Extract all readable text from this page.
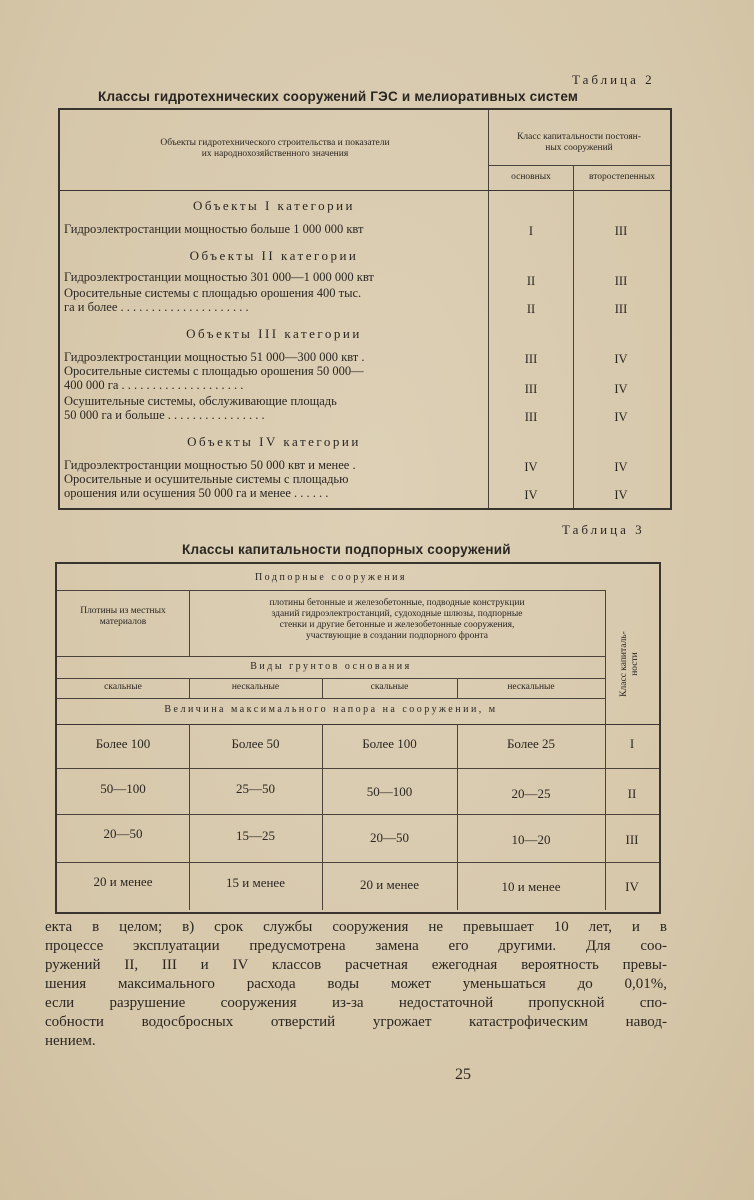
Таблица 2
Классы гидротехнических сооружений ГЭС и мелиоративных систем
Объекты гидротехнического строительства и показатели
их народнохозяйственного значения
Класс капитальности постоян-
ных сооружений
основных	второстепенных
Объекты I категории
Гидроэлектростанции мощностью больше 1 000 000 квт	I	III
Объекты II категории
Гидроэлектростанции мощностью 301 000—1 000 000 квт	II	III
Оросительные системы с площадью орошения 400 тыс.
га и более . . . . . . . . . . . . . . . . . . . . .	II	III
Объекты III категории
Гидроэлектростанции мощностью 51 000—300 000 квт .	III	IV
Оросительные системы с площадью орошения 50 000—
400 000 га . . . . . . . . . . . . . . . . . . . .	III	IV
Осушительные системы, обслуживающие площадь
50 000 га и больше . . . . . . . . . . . . . . . .	III	IV
Объекты IV категории
Гидроэлектростанции мощностью 50 000 квт и менее .	IV	IV
Оросительные и осушительные системы с площадью
орошения или осушения 50 000 га и менее . . . . . .	IV	IV
Таблица 3
Классы капитальности подпорных сооружений
Подпорные сооружения
Плотины из местных
материалов
плотины бетонные и железобетонные, подводные конструкции
зданий гидроэлектростанций, судоходные шлюзы, подпорные
стенки и другие бетонные и железобетонные сооружения,
участвующие в создании подпорного фронта
Виды грунтов основания
скальные	нескальные	скальные	нескальные
Величина максимального напора на сооружении, м
Класс капиталь- ности
Более 100	Более 50	Более 100	Более 25	I
50—100	25—50	50—100	20—25	II
20—50	15—25	20—50	10—20	III
20 и менее	15 и менее	20 и менее	10 и менее	IV

екта в целом; в) срок службы сооружения не превышает 10 лет, и в

процессе эксплуатации предусмотрена замена его другими. Для соо-

ружений II, III и IV классов расчетная ежегодная вероятность превы-

шения максимального расхода воды может уменьшаться до 0,01%,

если разрушение сооружения из-за недостаточной пропускной спо-

собности водосбросных отверстий угрожает катастрофическим навод-

нением.

25
